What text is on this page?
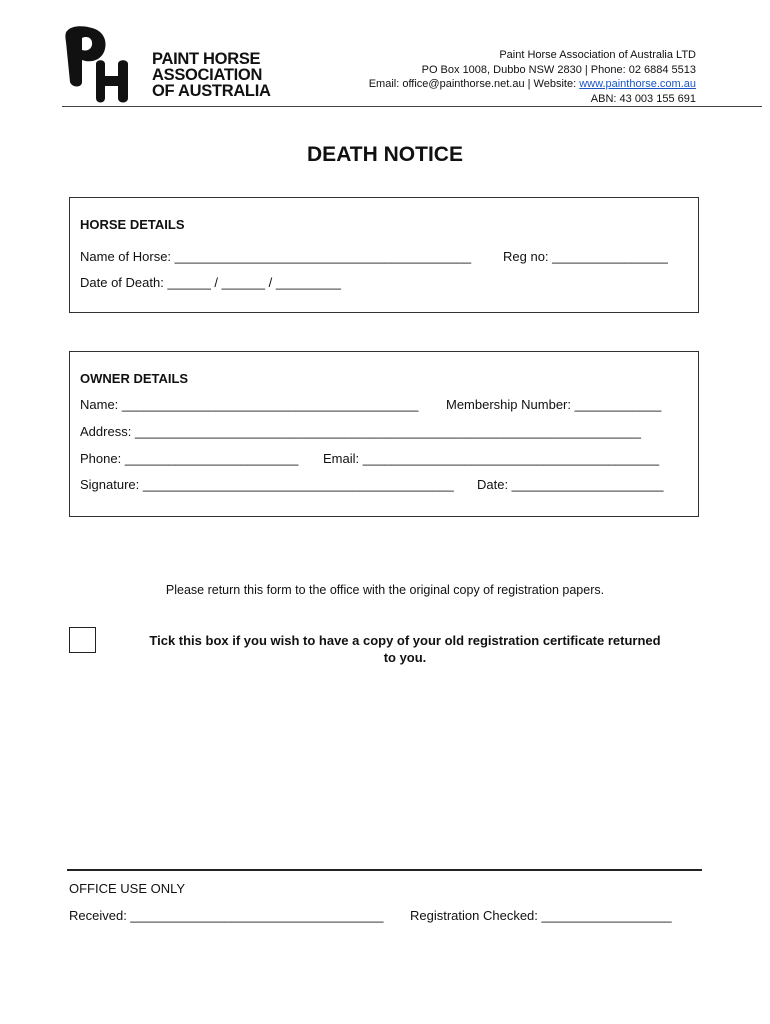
PAINT HORSE
ASSOCIATION
OF AUSTRALIA
Paint Horse Association of Australia LTD
PO Box 1008, Dubbo NSW 2830 | Phone: 02 6884 5513
Email: office@painthorse.net.au | Website: www.painthorse.com.au
ABN: 43 003 155 691
DEATH NOTICE
HORSE DETAILS
Name of Horse: _________________________________________ Reg no: ________________
Date of Death: ______ / ______ / _________
OWNER DETAILS
Name: _________________________________________ Membership Number: ____________
Address: ______________________________________________________________________
Phone: ________________________ Email: _________________________________________
Signature: ___________________________________________ Date: _____________________
Please return this form to the office with the original copy of registration papers.
Tick this box if you wish to have a copy of your old registration certificate returned
to you.
OFFICE USE ONLY
Received: ___________________________________ Registration Checked: __________________
